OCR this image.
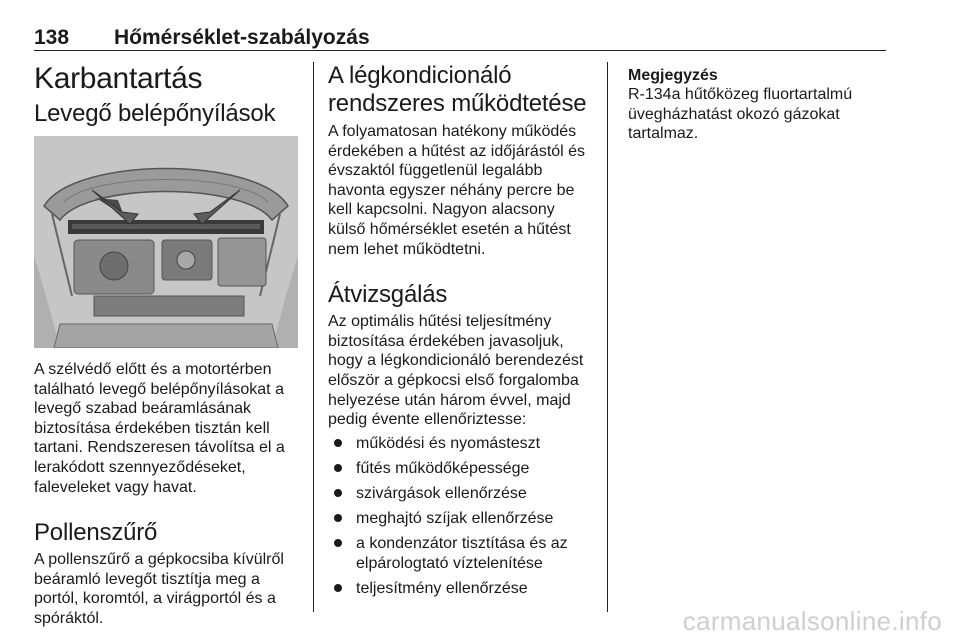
138 Hőmérséklet-szabályozás
Karbantartás
Levegő belépőnyílások

A szélvédő előtt és a motortérben található levegő belépőnyílásokat a levegő szabad beáramlásának biztosítása érdekében tisztán kell tartani. Rendszeresen távolítsa el a lerakódott szennyeződéseket, faleveleket vagy havat.

Pollenszűrő

A pollenszűrő a gépkocsiba kívülről beáramló levegőt tisztítja meg a portól, koromtól, a virágportól és a spóráktól.

A légkondicionáló rendszeres működtetése

A folyamatosan hatékony működés érdekében a hűtést az időjárástól és évszaktól függetlenül legalább havonta egyszer néhány percre be kell kapcsolni. Nagyon alacsony külső hőmérséklet esetén a hűtést nem lehet működtetni.

Átvizsgálás

Az optimális hűtési teljesítmény biztosítása érdekében javasoljuk, hogy a légkondicionáló berendezést először a gépkocsi első forgalomba helyezése után három évvel, majd pedig évente ellenőriztesse:

működési és nyomásteszt
fűtés működőképessége
szivárgások ellenőrzése
meghajtó szíjak ellenőrzése
a kondenzátor tisztítása és az elpárologtató víztelenítése
teljesítmény ellenőrzése
Megjegyzés

R-134a hűtőközeg fluortartalmú üvegházhatást okozó gázokat tartalmaz.

carmanualsonline.info
